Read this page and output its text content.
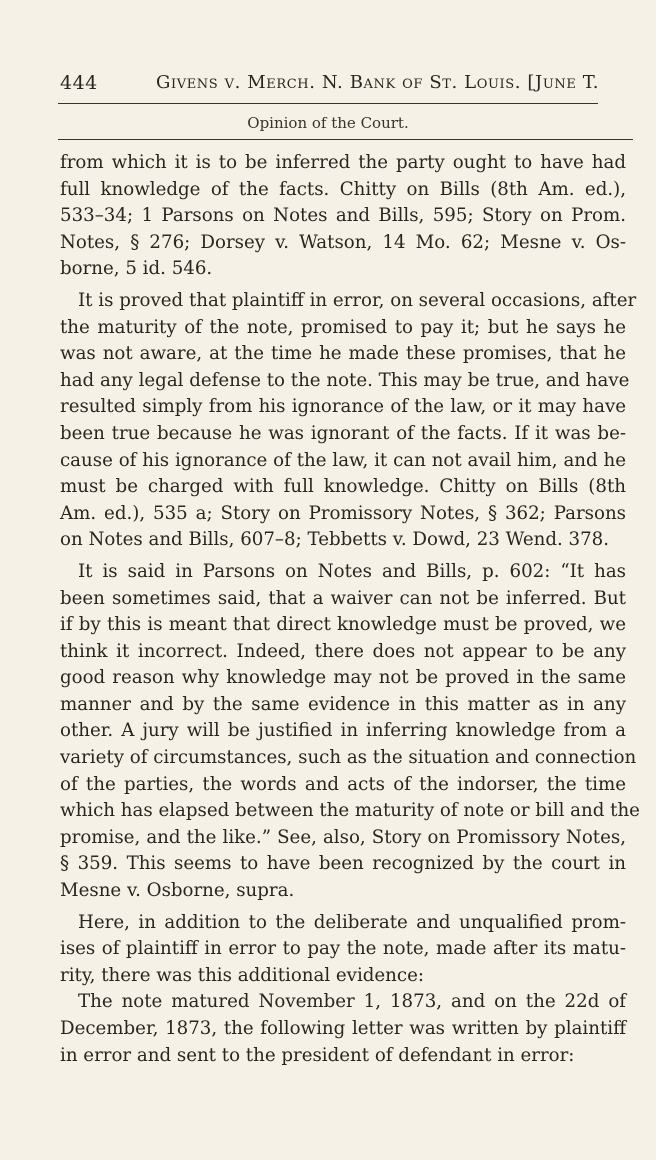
444	Givens v. Merch. N. Bank of St. Louis. [June T.
Opinion of the Court.
from which it is to be inferred the party ought to have had
full knowledge of the facts. Chitty on Bills (8th Am. ed.),
533–34; 1 Parsons on Notes and Bills, 595; Story on Prom.
Notes, § 276; Dorsey v. Watson, 14 Mo. 62; Mesne v. Os-
borne, 5 id. 546.
It is proved that plaintiff in error, on several occasions, after
the maturity of the note, promised to pay it; but he says he
was not aware, at the time he made these promises, that he
had any legal defense to the note. This may be true, and have
resulted simply from his ignorance of the law, or it may have
been true because he was ignorant of the facts. If it was be-
cause of his ignorance of the law, it can not avail him, and he
must be charged with full knowledge. Chitty on Bills (8th
Am. ed.), 535 a; Story on Promissory Notes, § 362; Parsons
on Notes and Bills, 607–8; Tebbetts v. Dowd, 23 Wend. 378.
It is said in Parsons on Notes and Bills, p. 602: “It has
been sometimes said, that a waiver can not be inferred. But
if by this is meant that direct knowledge must be proved, we
think it incorrect. Indeed, there does not appear to be any
good reason why knowledge may not be proved in the same
manner and by the same evidence in this matter as in any
other. A jury will be justified in inferring knowledge from a
variety of circumstances, such as the situation and connection
of the parties, the words and acts of the indorser, the time
which has elapsed between the maturity of note or bill and the
promise, and the like.” See, also, Story on Promissory Notes,
§ 359. This seems to have been recognized by the court in
Mesne v. Osborne, supra.
Here, in addition to the deliberate and unqualified prom-
ises of plaintiff in error to pay the note, made after its matu-
rity, there was this additional evidence:
The note matured November 1, 1873, and on the 22d of
December, 1873, the following letter was written by plaintiff
in error and sent to the president of defendant in error:
